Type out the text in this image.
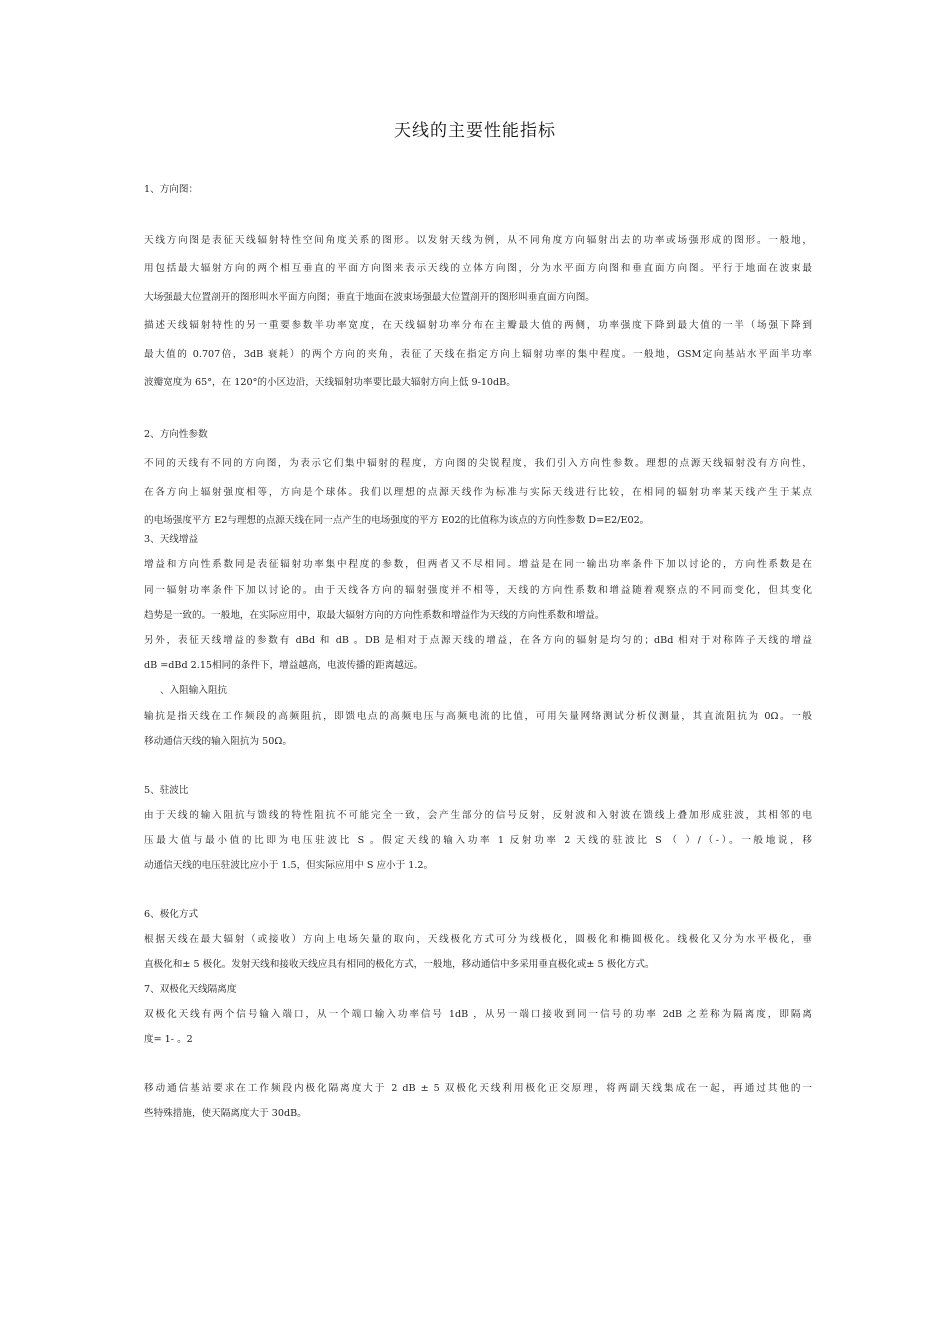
天线的主要性能指标
1、方向图：
天线方向图是表征天线辐射特性空间角度关系的图形。以发射天线为例，从不同角度方向辐射出去的功率或场强形成的图形。一般地，
用包括最大辐射方向的两个相互垂直的平面方向图来表示天线的立体方向图，分为水平面方向图和垂直面方向图。平行于地面在波束最
大场强最大位置剖开的图形叫水平面方向图；垂直于地面在波束场强最大位置剖开的图形叫垂直面方向图。
描述天线辐射特性的另一重要参数半功率宽度，在天线辐射功率分布在主瓣最大值的两侧，功率强度下降到最大值的一半（场强下降到
最大值的 0.707倍，3dB 衰耗）的两个方向的夹角，表征了天线在指定方向上辐射功率的集中程度。一般地，GSM定向基站水平面半功率
波瓣宽度为 65°，在 120°的小区边沿，天线辐射功率要比最大辐射方向上低 9-10dB。
2、方向性参数
不同的天线有不同的方向图，为表示它们集中辐射的程度，方向图的尖锐程度，我们引入方向性参数。理想的点源天线辐射没有方向性，
在各方向上辐射强度相等，方向是个球体。我们以理想的点源天线作为标准与实际天线进行比较，在相同的辐射功率某天线产生于某点
的电场强度平方 E2与理想的点源天线在同一点产生的电场强度的平方 E02的比值称为该点的方向性参数 D=E2/E02。
3、天线增益
增益和方向性系数同是表征辐射功率集中程度的参数，但两者又不尽相同。增益是在同一输出功率条件下加以讨论的，方向性系数是在
同一辐射功率条件下加以讨论的。由于天线各方向的辐射强度并不相等，天线的方向性系数和增益随着观察点的不同而变化，但其变化
趋势是一致的。一般地，在实际应用中，取最大辐射方向的方向性系数和增益作为天线的方向性系数和增益。
另外，表征天线增益的参数有 dBd 和 dB 。DB 是相对于点源天线的增益，在各方向的辐射是均匀的；dBd 相对于对称阵子天线的增益
dB =dBd 2.15相同的条件下，增益越高，电波传播的距离越远。
、入阻输入阻抗
输抗是指天线在工作频段的高频阻抗，即馈电点的高频电压与高频电流的比值，可用矢量网络测试分析仪测量，其直流阻抗为 0Ω。一般
移动通信天线的输入阻抗为 50Ω。
5、驻波比
由于天线的输入阻抗与馈线的特性阻抗不可能完全一致，会产生部分的信号反射，反射波和入射波在馈线上叠加形成驻波，其相邻的电
压最大值与最小值的比即为电压驻波比 S 。假定天线的输入功率 1 反射功率 2 天线的驻波比 S （ ）/（-）。一般地说，移
动通信天线的电压驻波比应小于 1.5，但实际应用中 S 应小于 1.2。
6、极化方式
根据天线在最大辐射（或接收）方向上电场矢量的取向，天线极化方式可分为线极化，圆极化和椭圆极化。线极化又分为水平极化，垂
直极化和± 5 极化。发射天线和接收天线应具有相同的极化方式，一般地，移动通信中多采用垂直极化或± 5 极化方式。
7、双极化天线隔离度
双极化天线有两个信号输入端口，从一个端口输入功率信号 1dB ，从另一端口接收到同一信号的功率 2dB 之差称为隔离度，即隔离
度= 1- 。2
移动通信基站要求在工作频段内极化隔离度大于 2 dB ± 5 双极化天线利用极化正交原理，将两副天线集成在一起，再通过其他的一
些特殊措施，使天隔离度大于 30dB。
